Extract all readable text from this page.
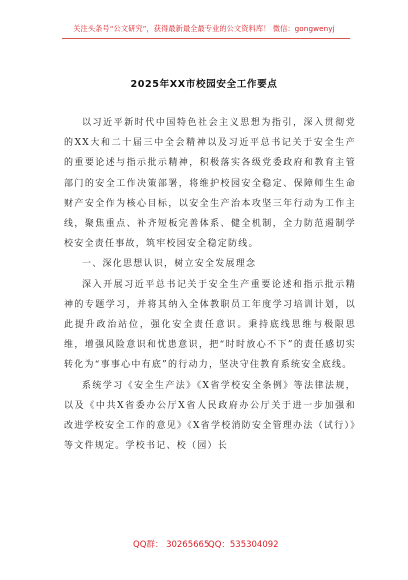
关注头条号“公文研究”，获得最新最全最专业的公文资料库！ 微信：gongwenyj
2025年XX市校园安全工作要点

以习近平新时代中国特色社会主义思想为指引，深入贯彻党的XX大和二十届三中全会精神以及习近平总书记关于安全生产的重要论述与指示批示精神，积极落实各级党委政府和教育主管部门的安全工作决策部署，将维护校园安全稳定、保障师生生命财产安全作为核心目标，以安全生产治本攻坚三年行动为工作主线，聚焦重点、补齐短板完善体系、健全机制，全力防范遏制学校安全责任事故，筑牢校园安全稳定防线。

一、深化思想认识，树立安全发展理念

深入开展习近平总书记关于安全生产重要论述和指示批示精神的专题学习，并将其纳入全体教职员工年度学习培训计划，以此提升政治站位，强化安全责任意识。秉持底线思维与极限思维，增强风险意识和忧患意识，把“时时放心不下”的责任感切实转化为“事事心中有底”的行动力，坚决守住教育系统安全底线。

系统学习《安全生产法》《X省学校安全条例》等法律法规，以及《中共X省委办公厅X省人民政府办公厅关于进一步加强和改进学校安全工作的意见》《X省学校消防安全管理办法（试行）》等文件规定。学校书记、校（园）长

QQ群： 30265665
QQ：535304092
